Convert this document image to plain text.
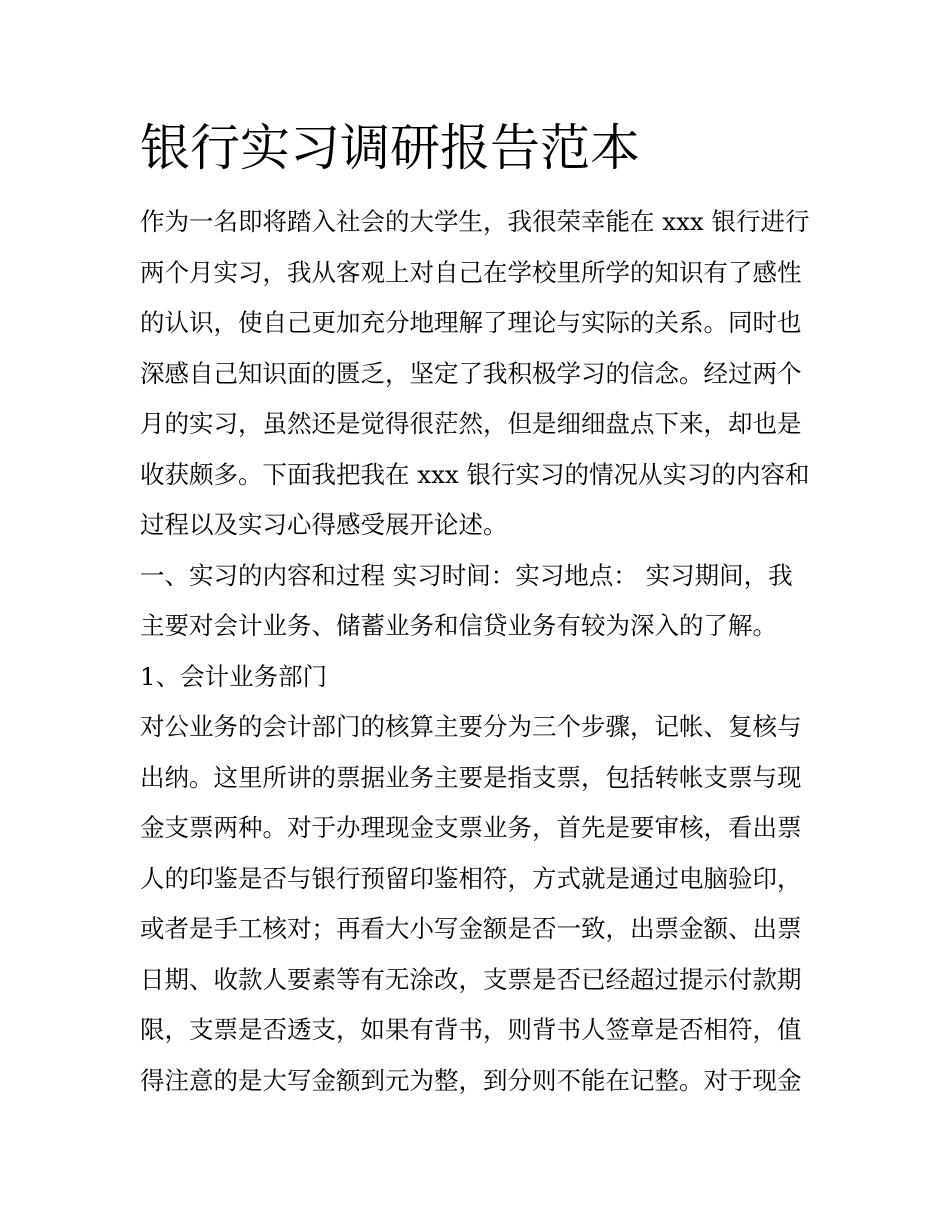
银行实习调研报告范本
作为一名即将踏入社会的大学生，我很荣幸能在 xxx 银行进行
两个月实习，我从客观上对自己在学校里所学的知识有了感性
的认识，使自己更加充分地理解了理论与实际的关系。同时也
深感自己知识面的匮乏，坚定了我积极学习的信念。经过两个
月的实习，虽然还是觉得很茫然，但是细细盘点下来，却也是
收获颇多。下面我把我在 xxx 银行实习的情况从实习的内容和
过程以及实习心得感受展开论述。
一、实习的内容和过程 实习时间：实习地点： 实习期间，我
主要对会计业务、储蓄业务和信贷业务有较为深入的了解。
1、会计业务部门
对公业务的会计部门的核算主要分为三个步骤，记帐、复核与
出纳。这里所讲的票据业务主要是指支票，包括转帐支票与现
金支票两种。对于办理现金支票业务，首先是要审核，看出票
人的印鉴是否与银行预留印鉴相符，方式就是通过电脑验印，
或者是手工核对；再看大小写金额是否一致，出票金额、出票
日期、收款人要素等有无涂改，支票是否已经超过提示付款期
限，支票是否透支，如果有背书，则背书人签章是否相符，值
得注意的是大写金额到元为整，到分则不能在记整。对于现金
